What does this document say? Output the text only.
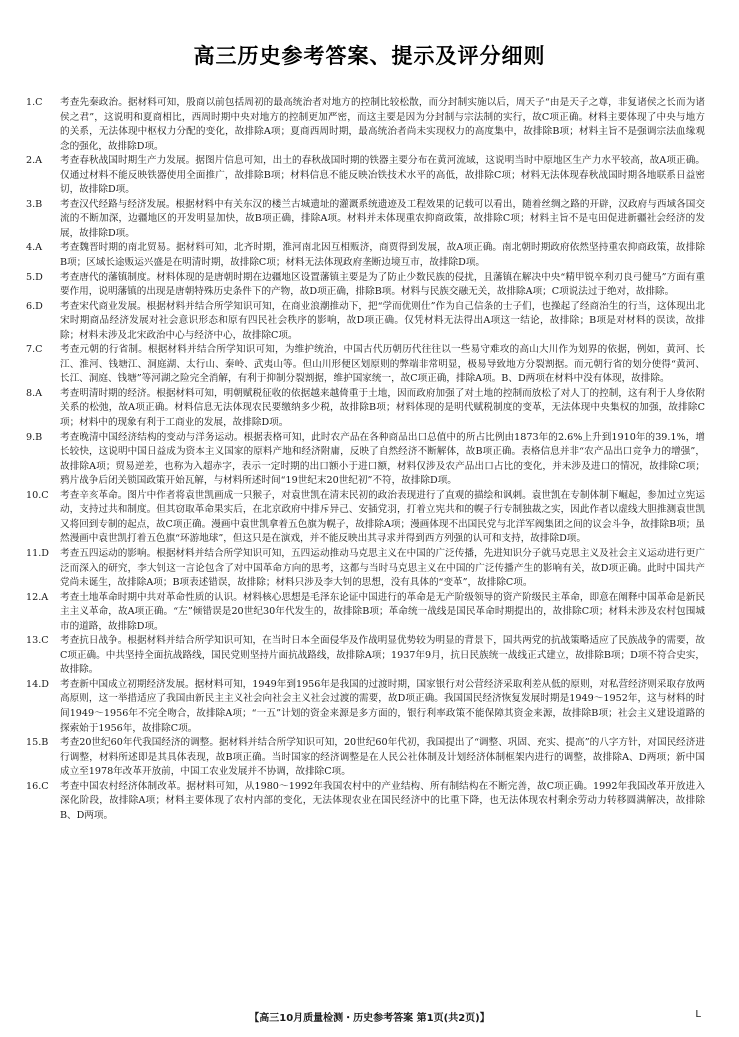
高三历史参考答案、提示及评分细则
1.C	考查先秦政治。据材料可知，殷商以前包括周初的最高统治者对地方的控制比较松散，而分封制实施以后，周天子“由是天子之尊，非复诸侯之长而为诸侯之君”，这说明和夏商相比，西周时期中央对地方的控制更加严密，而这主要是因为分封制与宗法制的实行，故C项正确。材料主要体现了中央与地方的关系，无法体现中枢权力分配的变化，故排除A项；夏商西周时期，最高统治者尚未实现权力的高度集中，故排除B项；材料主旨不是强调宗法血缘观念的强化，故排除D项。
2.A	考查春秋战国时期生产力发展。据图片信息可知，出土的春秋战国时期的铁器主要分布在黄河流域，这说明当时中原地区生产力水平较高，故A项正确。仅通过材料不能反映铁器使用全面推广，故排除B项；材料信息不能反映冶铁技术水平的高低，故排除C项；材料无法体现春秋战国时期各地联系日益密切，故排除D项。
3.B	考查汉代经路与经济发展。根据材料中有关东汉的楼兰古城遗址的灌溉系统遗迹及工程效果的记载可以看出，随着丝绸之路的开辟，汉政府与西域各国交流的不断加深，边疆地区的开发明显加快，故B项正确，排除A项。材料并未体现重农抑商政策，故排除C项；材料主旨不是屯田促进新疆社会经济的发展，故排除D项。
4.A	考查魏晋时期的南北贸易。据材料可知，北齐时期，淮河南北因互相贩济，商贾得到发展，故A项正确。南北朝时期政府依然坚持重农抑商政策，故排除B项；区域长途贩运兴盛是在明清时期，故排除C项；材料无法体现政府垄断边境互市，故排除D项。
5.D	考查唐代的藩镇制度。材料体现的是唐朝时期在边疆地区设置藩镇主要是为了防止少数民族的侵扰，且藩镇在解决中央“精甲锐卒利刃良弓健马”方面有重要作用，说明藩镇的出现是唐朝特殊历史条件下的产物，故D项正确，排除B项。材料与民族交融无关，故排除A项；C项说法过于绝对，故排除。
6.D	考查宋代商业发展。根据材料并结合所学知识可知，在商业浪潮推动下，把“学而优则仕”作为自己信条的士子们，也操起了经商治生的行当，这体现出北宋时期商品经济发展对社会意识形态和原有四民社会秩序的影响，故D项正确。仅凭材料无法得出A项这一结论，故排除；B项是对材料的误读，故排除；材料未涉及北宋政治中心与经济中心，故排除C项。
7.C	考查元朝的行省制。根据材料并结合所学知识可知，为维护统治，中国古代历朝历代往往以一些易守难攻的高山大川作为划界的依据，例如，黄河、长江、淮河、钱塘江、洞庭湖、太行山、秦岭、武夷山等。但山川形便区划原则的弊端非常明显，极易导致地方分裂割据。而元朝行省的划分使得“黄河、长江、洞庭、钱塘”等河湖之险完全消解，有利于抑制分裂割据，维护国家统一，故C项正确，排除A项。B、D两项在材料中没有体现，故排除。
8.A	考查明清时期的经济。根据材料可知，明朝赋税征收的依据越来越倚重于土地，因而政府加强了对土地的控制而放松了对人丁的控制，这有利于人身依附关系的松弛，故A项正确。材料信息无法体现农民要缴纳多少税，故排除B项；材料体现的是明代赋税制度的变革，无法体现中央集权的加强，故排除C项；材料中的现象有利于工商业的发展，故排除D项。
9.B	考查晚清中国经济结构的变动与洋务运动。根据表格可知，此时农产品在各种商品出口总值中的所占比例由1873年的2.6%上升到1910年的39.1%，增长较快，这说明中国日益成为资本主义国家的原料产地和经济附庸，反映了自然经济不断解体，故B项正确。表格信息并非“农产品出口竞争力的增强”，故排除A项；贸易逆差，也称为入超赤字，表示一定时期的出口额小于进口额，材料仅涉及农产品出口占比的变化，并未涉及进口的情况，故排除C项；鸦片战争后闭关锁国政策开始瓦解，与材料所述时间“19世纪末20世纪初”不符，故排除D项。
10.C	考查辛亥革命。图片中作者将袁世凯画成一只猴子，对袁世凯在清末民初的政治表现进行了直观的描绘和讽刺。袁世凯在专制体制下崛起，参加过立宪运动，支持过共和制度。但其窃取革命果实后，在北京政府中排斥异己、安插党羽，打着立宪共和的幌子行专制独裁之实，因此作者以虚线大胆推测袁世凯又将回到专制的起点，故C项正确。漫画中袁世凯拿着五色旗为幌子，故排除A项；漫画体现不出国民党与北洋军阀集团之间的议会斗争，故排除B项；虽然漫画中袁世凯打着五色旗“环游地球”，但这只是在演戏，并不能反映出其寻求并得到西方列强的认可和支持，故排除D项。
11.D	考查五四运动的影响。根据材料并结合所学知识可知，五四运动推动马克思主义在中国的广泛传播，先进知识分子就马克思主义及社会主义运动进行更广泛而深入的研究，李大钊这一言论包含了对中国革命方向的思考，这都与当时马克思主义在中国的广泛传播产生的影响有关，故D项正确。此时中国共产党尚未诞生，故排除A项；B项表述错误，故排除；材料只涉及李大钊的思想，没有具体的“变革”，故排除C项。
12.A	考查土地革命时期中共对革命性质的认识。材料核心思想是毛泽东论证中国进行的革命是无产阶级领导的资产阶级民主革命，即意在阐释中国革命是新民主主义革命，故A项正确。“左”倾错误是20世纪30年代发生的，故排除B项；革命统一战线是国民革命时期提出的，故排除C项；材料未涉及农村包围城市的道路，故排除D项。
13.C	考查抗日战争。根据材料并结合所学知识可知，在当时日本全面侵华及作战明显优势较为明显的背景下，国共两党的抗战策略适应了民族战争的需要，故C项正确。中共坚持全面抗战路线，国民党则坚持片面抗战路线，故排除A项；1937年9月，抗日民族统一战线正式建立，故排除B项；D项不符合史实，故排除。
14.D	考查新中国成立初期经济发展。据材料可知，1949年到1956年是我国的过渡时期，国家银行对公营经济采取利差从低的原则，对私营经济则采取存放两高原则，这一举措适应了我国由新民主主义社会向社会主义社会过渡的需要，故D项正确。我国国民经济恢复发展时期是1949～1952年，这与材料的时间1949～1956年不完全吻合，故排除A项；“一五”计划的资金来源是多方面的，银行利率政策不能保障其资金来源，故排除B项；社会主义建设道路的探索始于1956年，故排除C项。
15.B	考查20世纪60年代我国经济的调整。据材料并结合所学知识可知，20世纪60年代初，我国提出了“调整、巩固、充实、提高”的八字方针，对国民经济进行调整，材料所述即是其具体表现，故B项正确。当时国家的经济调整是在人民公社体制及计划经济体制框架内进行的调整，故排除A、D两项；新中国成立至1978年改革开放前，中国工农业发展并不协调，故排除C项。
16.C	考查中国农村经济体制改革。据材料可知，从1980～1992年我国农村中的产业结构、所有制结构在不断完善，故C项正确。1992年我国改革开放进入深化阶段，故排除A项；材料主要体现了农村内部的变化，无法体现农业在国民经济中的比重下降，也无法体现农村剩余劳动力转移圆满解决，故排除B、D两项。
【高三10月质量检测・历史参考答案 第1页(共2页)】	L
